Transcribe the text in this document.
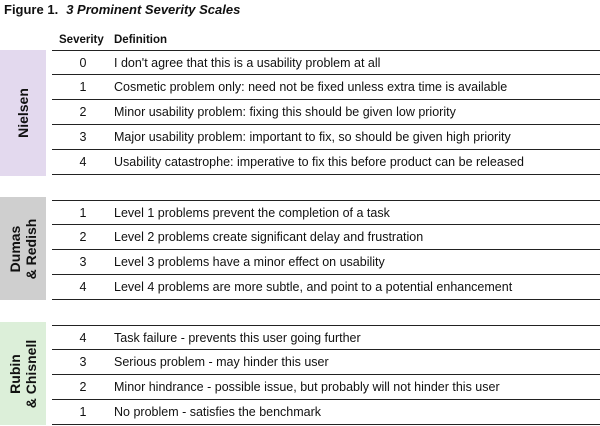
Figure 1. 3 Prominent Severity Scales
Severity Definition
Nielsen
0	I don't agree that this is a usability problem at all
1	Cosmetic problem only: need not be fixed unless extra time is available
2	Minor usability problem: fixing this should be given low priority
3	Major usability problem: important to fix, so should be given high priority
4	Usability catastrophe: imperative to fix this before product can be released
Dumas & Redish
1	Level 1 problems prevent the completion of a task
2	Level 2 problems create significant delay and frustration
3	Level 3 problems have a minor effect on usability
4	Level 4 problems are more subtle, and point to a potential enhancement
Rubin & Chisnell
4	Task failure - prevents this user going further
3	Serious problem - may hinder this user
2	Minor hindrance - possible issue, but probably will not hinder this user
1	No problem - satisfies the benchmark
